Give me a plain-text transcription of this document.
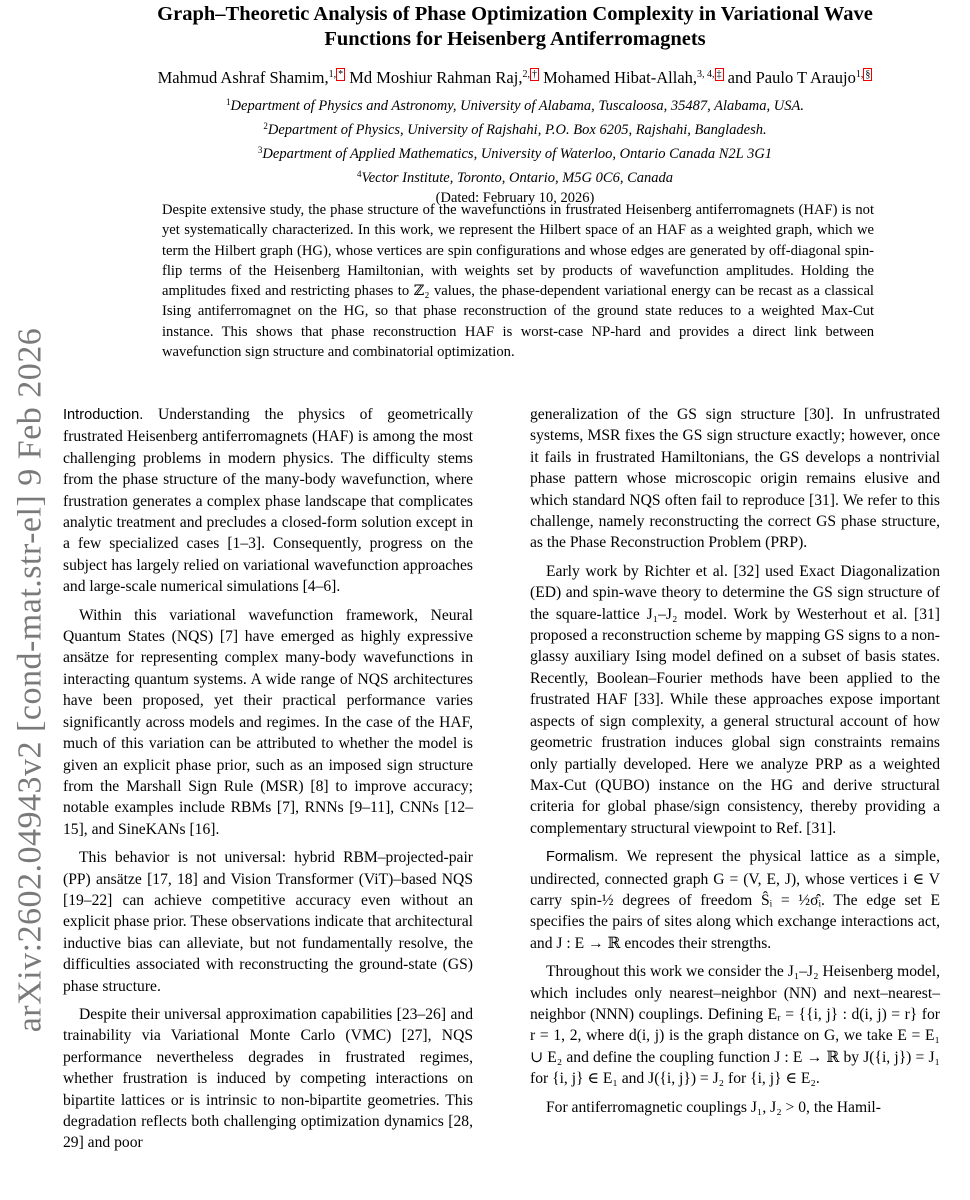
arXiv:2602.04943v2 [cond-mat.str-el] 9 Feb 2026
Graph–Theoretic Analysis of Phase Optimization Complexity in Variational Wave
Functions for Heisenberg Antiferromagnets
Mahmud Ashraf Shamim,$^{1,}$ * Md Moshiur Rahman Raj,$^{2,}$ † Mohamed Hibat-Allah,$^{3, 4,}$ ‡ and Paulo T Araujo$^{1,}$ §
$^1$Department of Physics and Astronomy, University of Alabama, Tuscaloosa, 35487, Alabama, USA.
$^2$Department of Physics, University of Rajshahi, P.O. Box 6205, Rajshahi, Bangladesh.
$^3$Department of Applied Mathematics, University of Waterloo, Ontario Canada N2L 3G1
$^4$Vector Institute, Toronto, Ontario, M5G 0C6, Canada
(Dated: February 10, 2026)
Despite extensive study, the phase structure of the wavefunctions in frustrated Heisenberg antiferromagnets (HAF) is not yet systematically characterized. In this work, we represent the Hilbert space of an HAF as a weighted graph, which we term the Hilbert graph (HG), whose vertices are spin configurations and whose edges are generated by off-diagonal spin-flip terms of the Heisenberg Hamiltonian, with weights set by products of wavefunction amplitudes. Holding the amplitudes fixed and restricting phases to ℤ₂ values, the phase-dependent variational energy can be recast as a classical Ising antiferromagnet on the HG, so that phase reconstruction of the ground state reduces to a weighted Max-Cut instance. This shows that phase reconstruction HAF is worst-case NP-hard and provides a direct link between wavefunction sign structure and combinatorial optimization.

Introduction. Understanding the physics of geometrically frustrated Heisenberg antiferromagnets (HAF) is among the most challenging problems in modern physics. The difficulty stems from the phase structure of the many-body wavefunction, where frustration generates a complex phase landscape that complicates analytic treatment and precludes a closed-form solution except in a few specialized cases [1–3]. Consequently, progress on the subject has largely relied on variational wavefunction approaches and large-scale numerical simulations [4–6].

Within this variational wavefunction framework, Neural Quantum States (NQS) [7] have emerged as highly expressive ansätze for representing complex many-body wavefunctions in interacting quantum systems. A wide range of NQS architectures have been proposed, yet their practical performance varies significantly across models and regimes. In the case of the HAF, much of this variation can be attributed to whether the model is given an explicit phase prior, such as an imposed sign structure from the Marshall Sign Rule (MSR) [8] to improve accuracy; notable examples include RBMs [7], RNNs [9–11], CNNs [12–15], and SineKANs [16].

This behavior is not universal: hybrid RBM–projected-pair (PP) ansätze [17, 18] and Vision Transformer (ViT)–based NQS [19–22] can achieve competitive accuracy even without an explicit phase prior. These observations indicate that architectural inductive bias can alleviate, but not fundamentally resolve, the difficulties associated with reconstructing the ground-state (GS) phase structure.

Despite their universal approximation capabilities [23–26] and trainability via Variational Monte Carlo (VMC) [27], NQS performance nevertheless degrades in frustrated regimes, whether frustration is induced by competing interactions on bipartite lattices or is intrinsic to non-bipartite geometries. This degradation reflects both challenging optimization dynamics [28, 29] and poor

generalization of the GS sign structure [30]. In unfrustrated systems, MSR fixes the GS sign structure exactly; however, once it fails in frustrated Hamiltonians, the GS develops a nontrivial phase pattern whose microscopic origin remains elusive and which standard NQS often fail to reproduce [31]. We refer to this challenge, namely reconstructing the correct GS phase structure, as the Phase Reconstruction Problem (PRP).

Early work by Richter et al. [32] used Exact Diagonalization (ED) and spin-wave theory to determine the GS sign structure of the square-lattice J₁–J₂ model. Work by Westerhout et al. [31] proposed a reconstruction scheme by mapping GS signs to a non-glassy auxiliary Ising model defined on a subset of basis states. Recently, Boolean–Fourier methods have been applied to the frustrated HAF [33]. While these approaches expose important aspects of sign complexity, a general structural account of how geometric frustration induces global sign constraints remains only partially developed. Here we analyze PRP as a weighted Max-Cut (QUBO) instance on the HG and derive structural criteria for global phase/sign consistency, thereby providing a complementary structural viewpoint to Ref. [31].

Formalism. We represent the physical lattice as a simple, undirected, connected graph G = (V, E, J), whose vertices i ∈ V carry spin-½ degrees of freedom Ŝᵢ = ½σ̂ᵢ. The edge set E specifies the pairs of sites along which exchange interactions act, and J : E → ℝ encodes their strengths.

Throughout this work we consider the J₁–J₂ Heisenberg model, which includes only nearest–neighbor (NN) and next–nearest–neighbor (NNN) couplings. Defining Eᵣ = {{i, j} : d(i, j) = r} for r = 1, 2, where d(i, j) is the graph distance on G, we take E = E₁ ∪ E₂ and define the coupling function J : E → ℝ by J({i, j}) = J₁ for {i, j} ∈ E₁ and J({i, j}) = J₂ for {i, j} ∈ E₂.

For antiferromagnetic couplings J₁, J₂ > 0, the Hamil-
